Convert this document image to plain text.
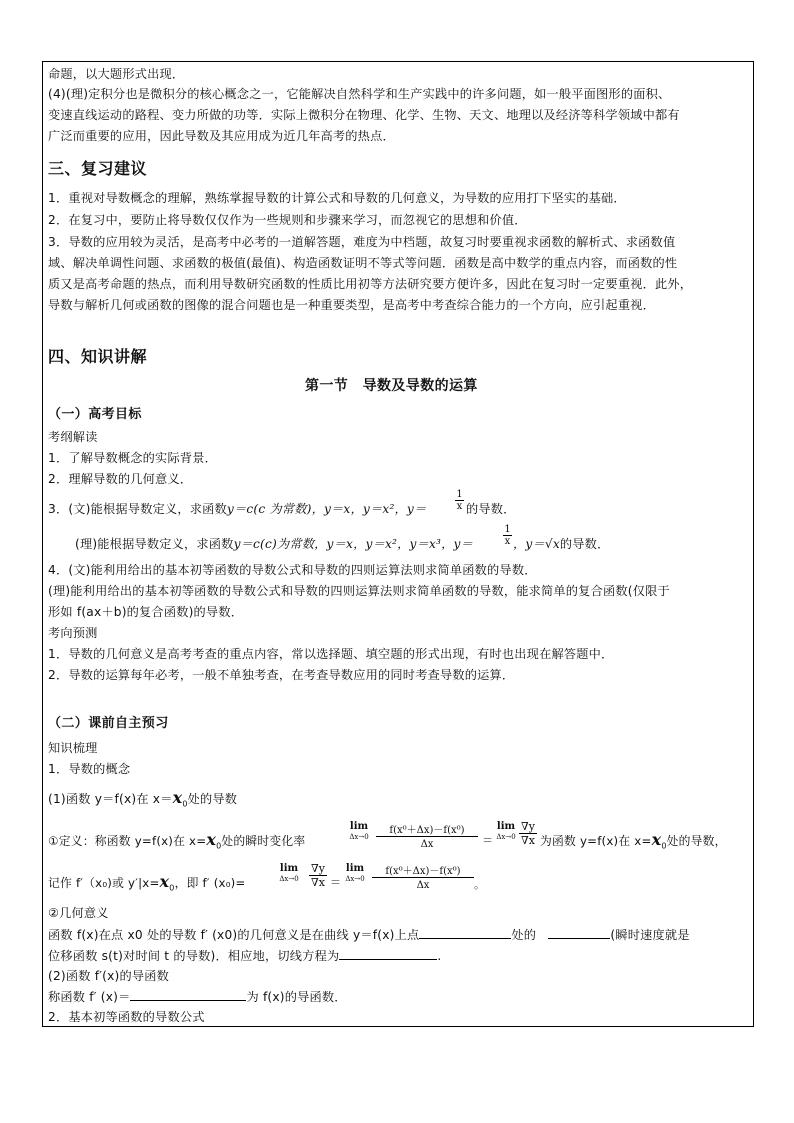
命题，以大题形式出现．
(4)(理)定积分也是微积分的核心概念之一，它能解决自然科学和生产实践中的许多问题，如一般平面图形的面积、
变速直线运动的路程、变力所做的功等．实际上微积分在物理、化学、生物、天文、地理以及经济等科学领域中都有
广泛而重要的应用，因此导数及其应用成为近几年高考的热点．
三、复习建议
1．重视对导数概念的理解，熟练掌握导数的计算公式和导数的几何意义，为导数的应用打下坚实的基础．
2．在复习中，要防止将导数仅仅作为一些规则和步骤来学习，而忽视它的思想和价值．
3．导数的应用较为灵活，是高考中必考的一道解答题，难度为中档题，故复习时要重视求函数的解析式、求函数值
域、解决单调性问题、求函数的极值(最值)、构造函数证明不等式等问题．函数是高中数学的重点内容，而函数的性
质又是高考命题的热点，而利用导数研究函数的性质比用初等方法研究要方便许多，因此在复习时一定要重视．此外，
导数与解析几何或函数的图像的混合问题也是一种重要类型，是高考中考查综合能力的一个方向，应引起重视．
四、知识讲解
第一节　导数及导数的运算
（一）高考目标
考纲解读
1．了解导数概念的实际背景．
2．理解导数的几何意义．
3．(文)能根据导数定义，求函数y＝c(c 为常数)，y＝x，y＝x²，y＝	$\frac{1}{x}$ 的导数．
(理)能根据导数定义，求函数y＝c(c)为常数，y＝x，y＝x²，y＝x³，y＝	$\frac{1}{x}$ ，y＝√x的导数．
4．(文)能利用给出的基本初等函数的导数公式和导数的四则运算法则求简单函数的导数．
(理)能利用给出的基本初等函数的导数公式和导数的四则运算法则求简单函数的导数，能求简单的复合函数(仅限于
形如 f(ax＋b)的复合函数)的导数．
考向预测
1．导数的几何意义是高考考查的重点内容，常以选择题、填空题的形式出现，有时也出现在解答题中．
2．导数的运算每年必考，一般不单独考查，在考查导数应用的同时考查导数的运算．
（二）课前自主预习
知识梳理
1．导数的概念
(1)函数 y＝f(x)在 $x=x_0$处的导数
①定义：称函数 y=f(x)在 $x=x_0$处的瞬时变化率
lim
$\Delta x\to 0 \frac{\text{f(x⁰＋Δx)－f(x⁰)}}{\Delta x}$ ＝
lim
$\Delta x\to 0 \frac{\nabla y}{\nabla x}$ 为函数 y=f(x)在 $x=x_0$处的导数，
记作 f′（x₀)或 $y'|x=x_0$，即 f′ (x₀)=
lim
$\Delta x\to 0 \frac{\nabla y}{\nabla x}$ ＝
lim
$\Delta x\to 0 \frac{\text{f(x⁰＋Δx)－f(x⁰)}}{\Delta x}$ 。
②几何意义
函数 f(x)在点 x0 处的导数 f′ (x0)的几何意义是在曲线 y＝f(x)上点	处的	(瞬时速度就是
位移函数 s(t)对时间 t 的导数)．相应地，切线方程为	.
(2)函数 f′(x)的导函数
称函数 f′ (x)＝	为 f(x)的导函数．
2．基本初等函数的导数公式
